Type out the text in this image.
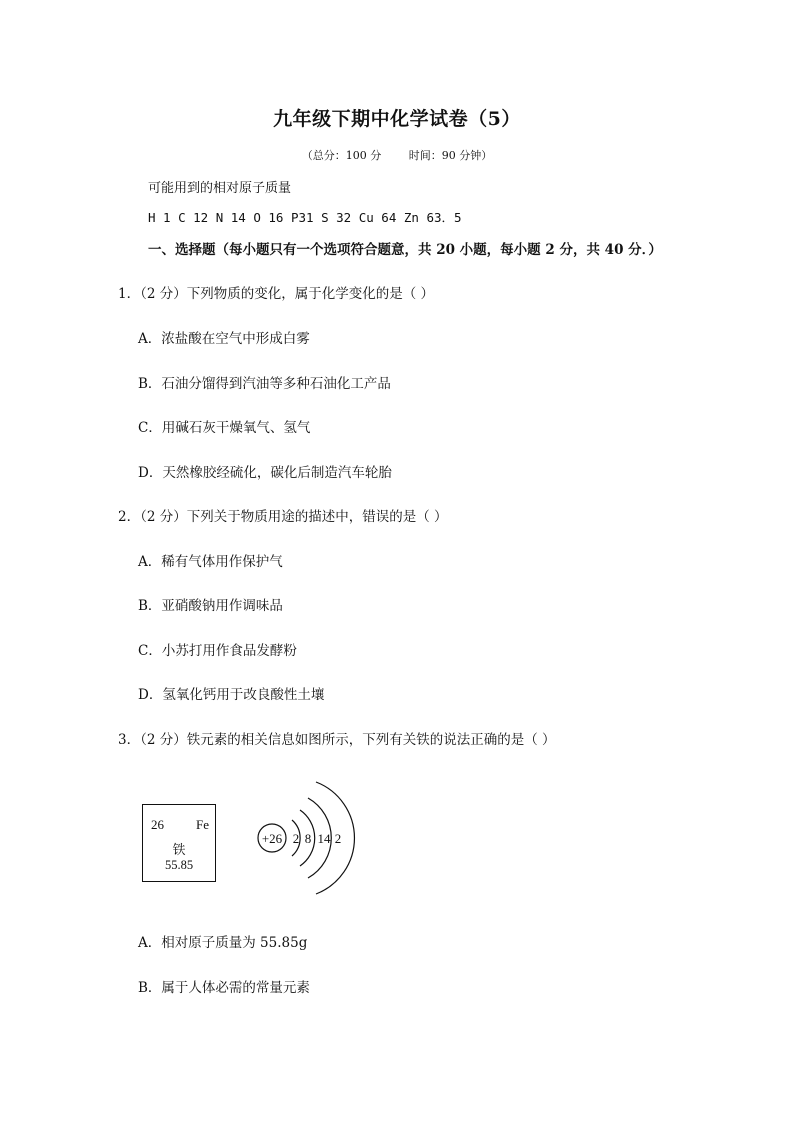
九年级下期中化学试卷（5）
（总分：100 分	时间：90 分钟）
可能用到的相对原子质量
H 1 C 12 N 14 O 16 P31 S 32 Cu 64 Zn 63．5
一、选择题（每小题只有一个选项符合题意，共 20 小题，每小题 2 分，共 40 分．）
1．（2 分）下列物质的变化，属于化学变化的是（ ）
A．浓盐酸在空气中形成白雾
B．石油分馏得到汽油等多种石油化工产品
C．用碱石灰干燥氧气、氢气
D．天然橡胶经硫化，碳化后制造汽车轮胎
2．（2 分）下列关于物质用途的描述中，错误的是（ ）
A．稀有气体用作保护气
B．亚硝酸钠用作调味品
C．小苏打用作食品发酵粉
D．氢氧化钙用于改良酸性土壤
3．（2 分）铁元素的相关信息如图所示，下列有关铁的说法正确的是（ ）
26 Fe
铁
55.85
+26 2 8 14 2
A．相对原子质量为 55.85g
B．属于人体必需的常量元素
